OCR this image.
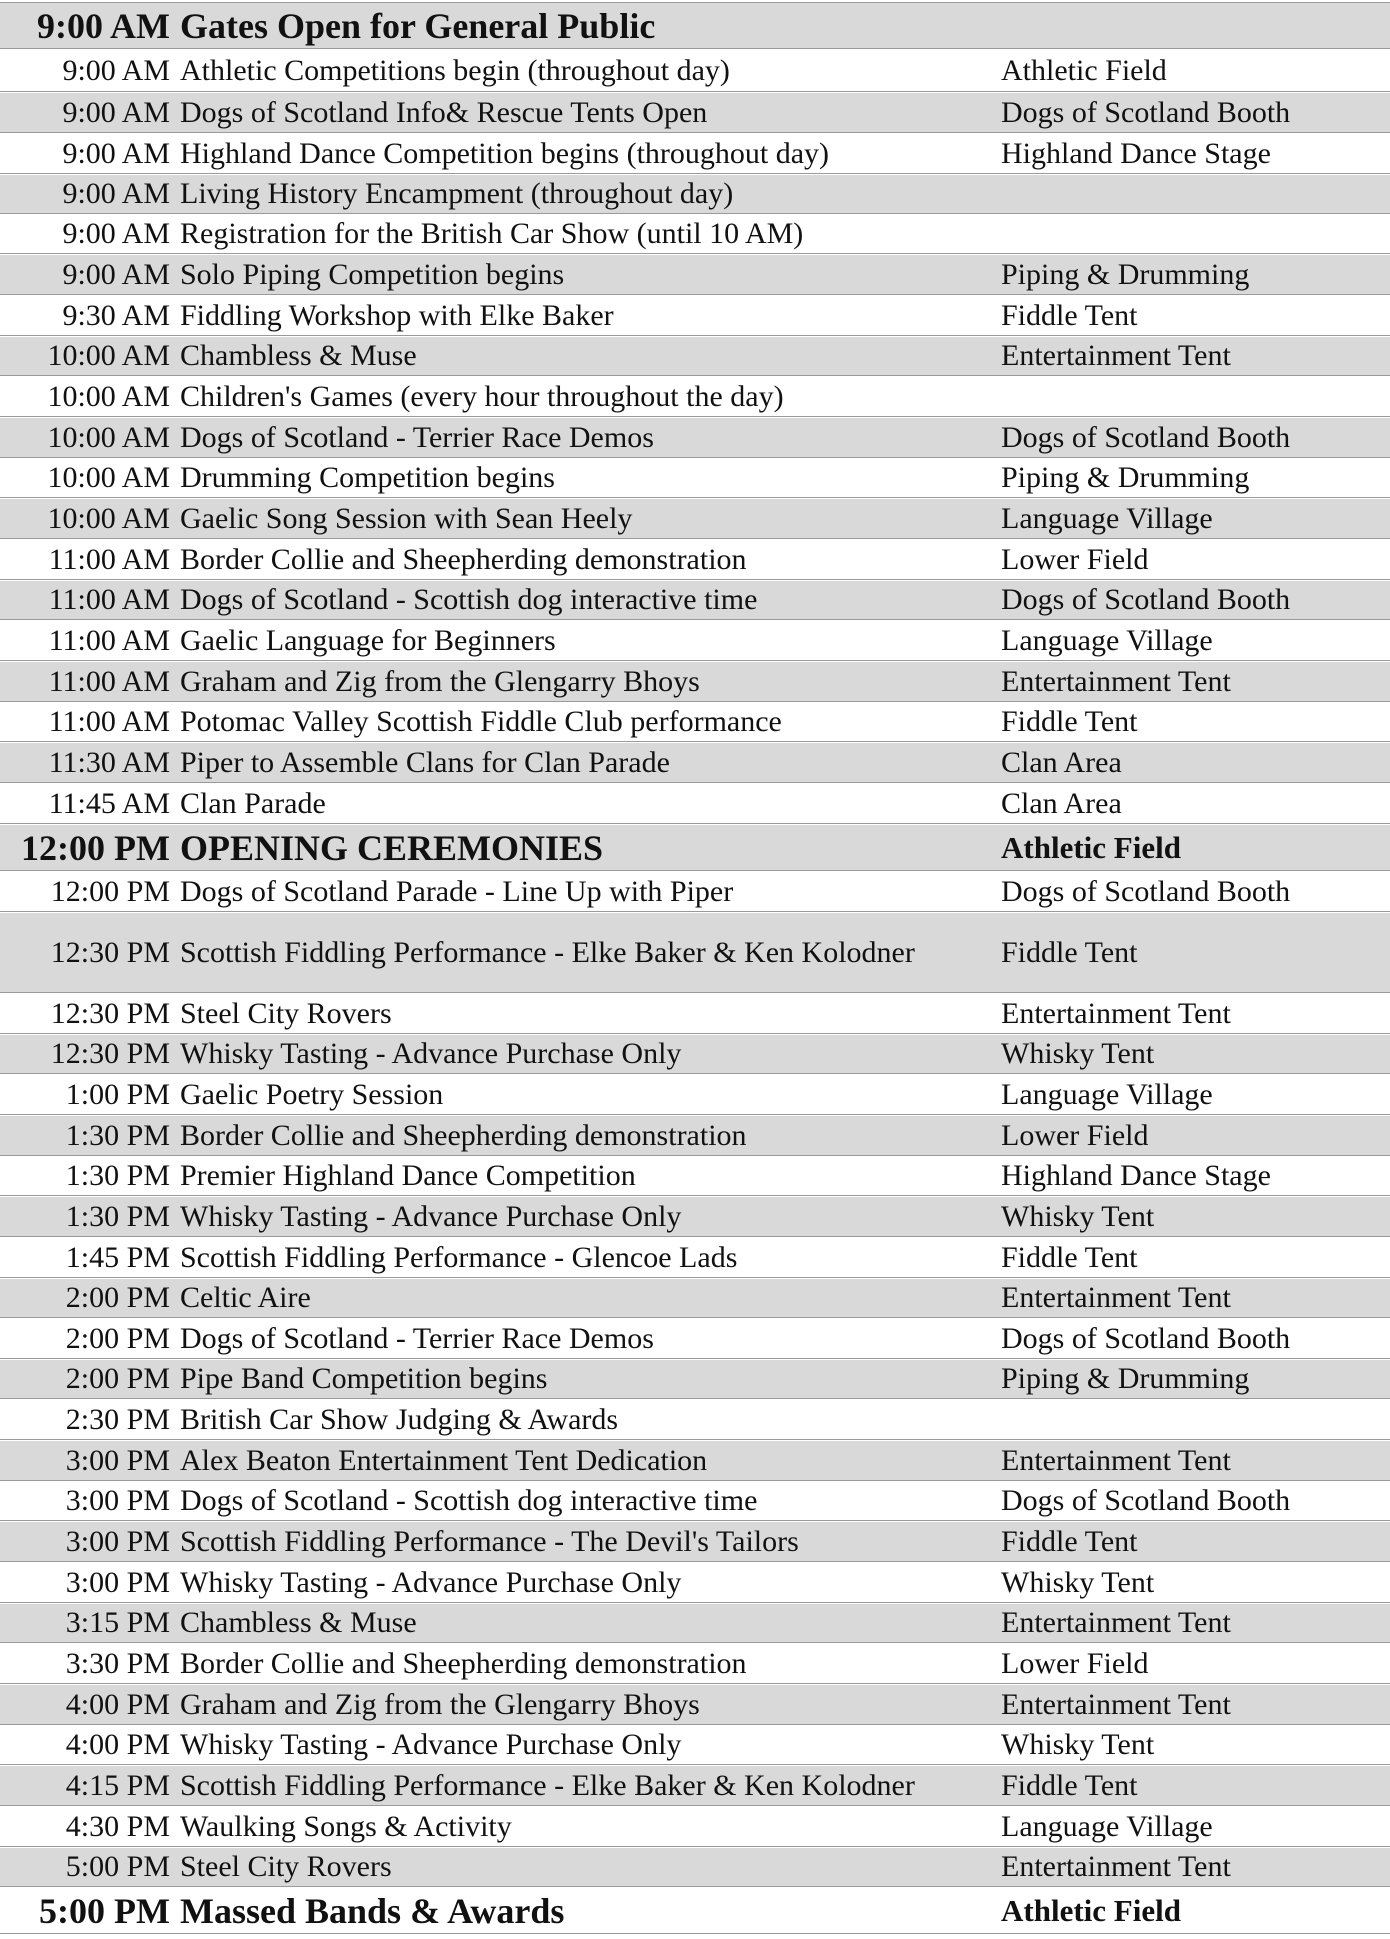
9:00 AM Gates Open for General Public
9:00 AM Athletic Competitions begin (throughout day)	Athletic Field
9:00 AM Dogs of Scotland Info& Rescue Tents Open	Dogs of Scotland Booth
9:00 AM Highland Dance Competition begins (throughout day)	Highland Dance Stage
9:00 AM Living History Encampment (throughout day)
9:00 AM Registration for the British Car Show (until 10 AM)
9:00 AM Solo Piping Competition begins	Piping & Drumming
9:30 AM Fiddling Workshop with Elke Baker	Fiddle Tent
10:00 AM Chambless & Muse	Entertainment Tent
10:00 AM Children's Games (every hour throughout the day)
10:00 AM Dogs of Scotland - Terrier Race Demos	Dogs of Scotland Booth
10:00 AM Drumming Competition begins	Piping & Drumming
10:00 AM Gaelic Song Session with Sean Heely	Language Village
11:00 AM Border Collie and Sheepherding demonstration	Lower Field
11:00 AM Dogs of Scotland - Scottish dog interactive time	Dogs of Scotland Booth
11:00 AM Gaelic Language for Beginners	Language Village
11:00 AM Graham and Zig from the Glengarry Bhoys	Entertainment Tent
11:00 AM Potomac Valley Scottish Fiddle Club performance	Fiddle Tent
11:30 AM Piper to Assemble Clans for Clan Parade	Clan Area
11:45 AM Clan Parade	Clan Area
12:00 PM OPENING CEREMONIES	Athletic Field
12:00 PM Dogs of Scotland Parade - Line Up with Piper	Dogs of Scotland Booth
12:30 PM Scottish Fiddling Performance - Elke Baker & Ken Kolodner	Fiddle Tent
12:30 PM Steel City Rovers	Entertainment Tent
12:30 PM Whisky Tasting - Advance Purchase Only	Whisky Tent
1:00 PM Gaelic Poetry Session	Language Village
1:30 PM Border Collie and Sheepherding demonstration	Lower Field
1:30 PM Premier Highland Dance Competition	Highland Dance Stage
1:30 PM Whisky Tasting - Advance Purchase Only	Whisky Tent
1:45 PM Scottish Fiddling Performance - Glencoe Lads	Fiddle Tent
2:00 PM Celtic Aire	Entertainment Tent
2:00 PM Dogs of Scotland - Terrier Race Demos	Dogs of Scotland Booth
2:00 PM Pipe Band Competition begins	Piping & Drumming
2:30 PM British Car Show Judging & Awards
3:00 PM Alex Beaton Entertainment Tent Dedication	Entertainment Tent
3:00 PM Dogs of Scotland - Scottish dog interactive time	Dogs of Scotland Booth
3:00 PM Scottish Fiddling Performance - The Devil's Tailors	Fiddle Tent
3:00 PM Whisky Tasting - Advance Purchase Only	Whisky Tent
3:15 PM Chambless & Muse	Entertainment Tent
3:30 PM Border Collie and Sheepherding demonstration	Lower Field
4:00 PM Graham and Zig from the Glengarry Bhoys	Entertainment Tent
4:00 PM Whisky Tasting - Advance Purchase Only	Whisky Tent
4:15 PM Scottish Fiddling Performance - Elke Baker & Ken Kolodner	Fiddle Tent
4:30 PM Waulking Songs & Activity	Language Village
5:00 PM Steel City Rovers	Entertainment Tent
5:00 PM Massed Bands & Awards	Athletic Field
